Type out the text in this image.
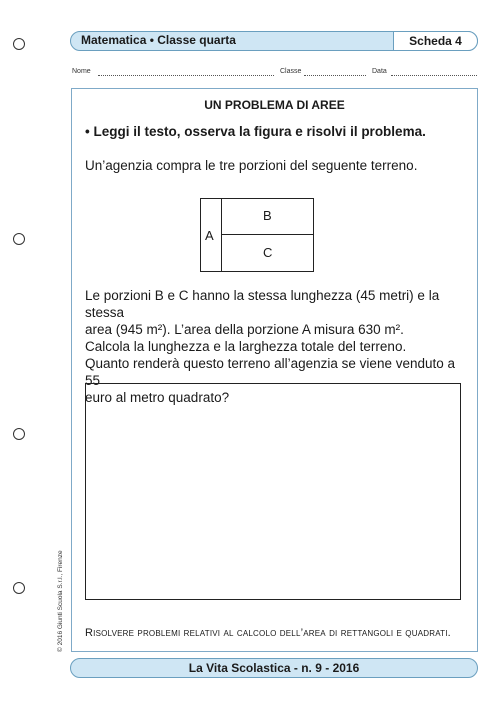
Matematica • Classe quarta	Scheda 4
Nome	Classe	Data
© 2016 Giunti Scuola S.r.l., Firenze
UN PROBLEMA DI AREE
• Leggi il testo, osserva la figura e risolvi il problema.
Un’agenzia compra le tre porzioni del seguente terreno.
A
B
C

Le porzioni B e C hanno la stessa lunghezza (45 metri) e la stessa

area (945 m²). L’area della porzione A misura 630 m².

Calcola la lunghezza e la larghezza totale del terreno.

Quanto renderà questo terreno all’agenzia se viene venduto a 55

euro al metro quadrato?

Risolvere problemi relativi al calcolo dell’area di rettangoli e quadrati.
La Vita Scolastica - n. 9 - 2016
